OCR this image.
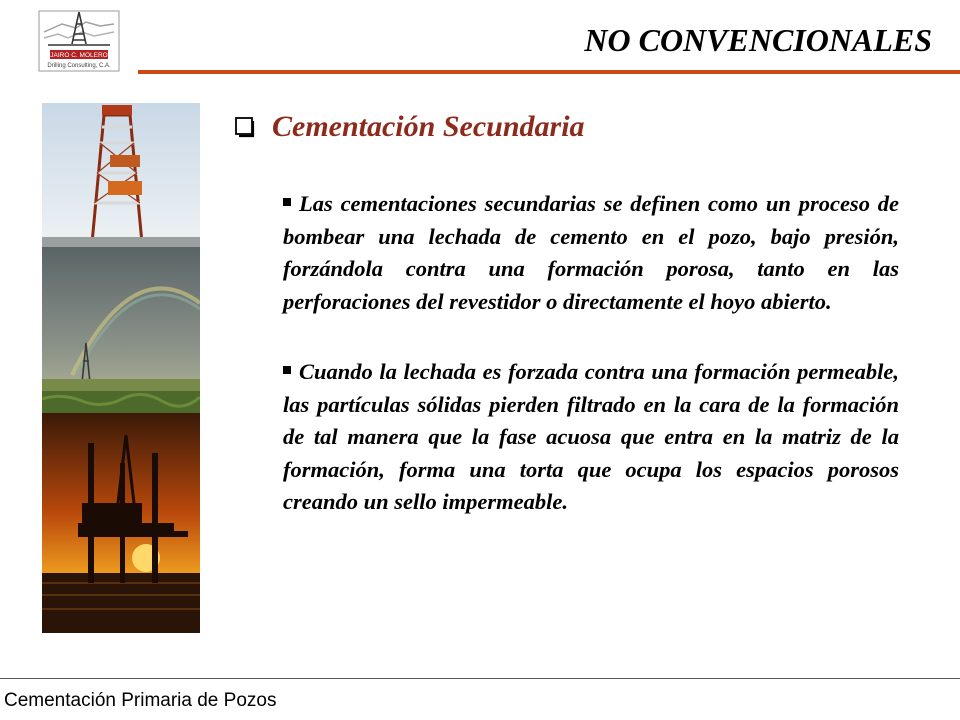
JAIRO C. MOLERO
Drilling Consulting, C.A.
NO CONVENCIONALES
Cementación Secundaria

Las cementaciones secundarias se definen como un proceso de bombear una lechada de cemento en el pozo, bajo presión, forzándola contra una formación porosa, tanto en las perforaciones del revestidor o directamente el hoyo abierto.

Cuando la lechada es forzada contra una formación permeable, las partículas sólidas pierden filtrado en la cara de la formación de tal manera que la fase acuosa que entra en la matriz de la formación, forma una torta que ocupa los espacios porosos creando un sello impermeable.

Cementación Primaria de Pozos
